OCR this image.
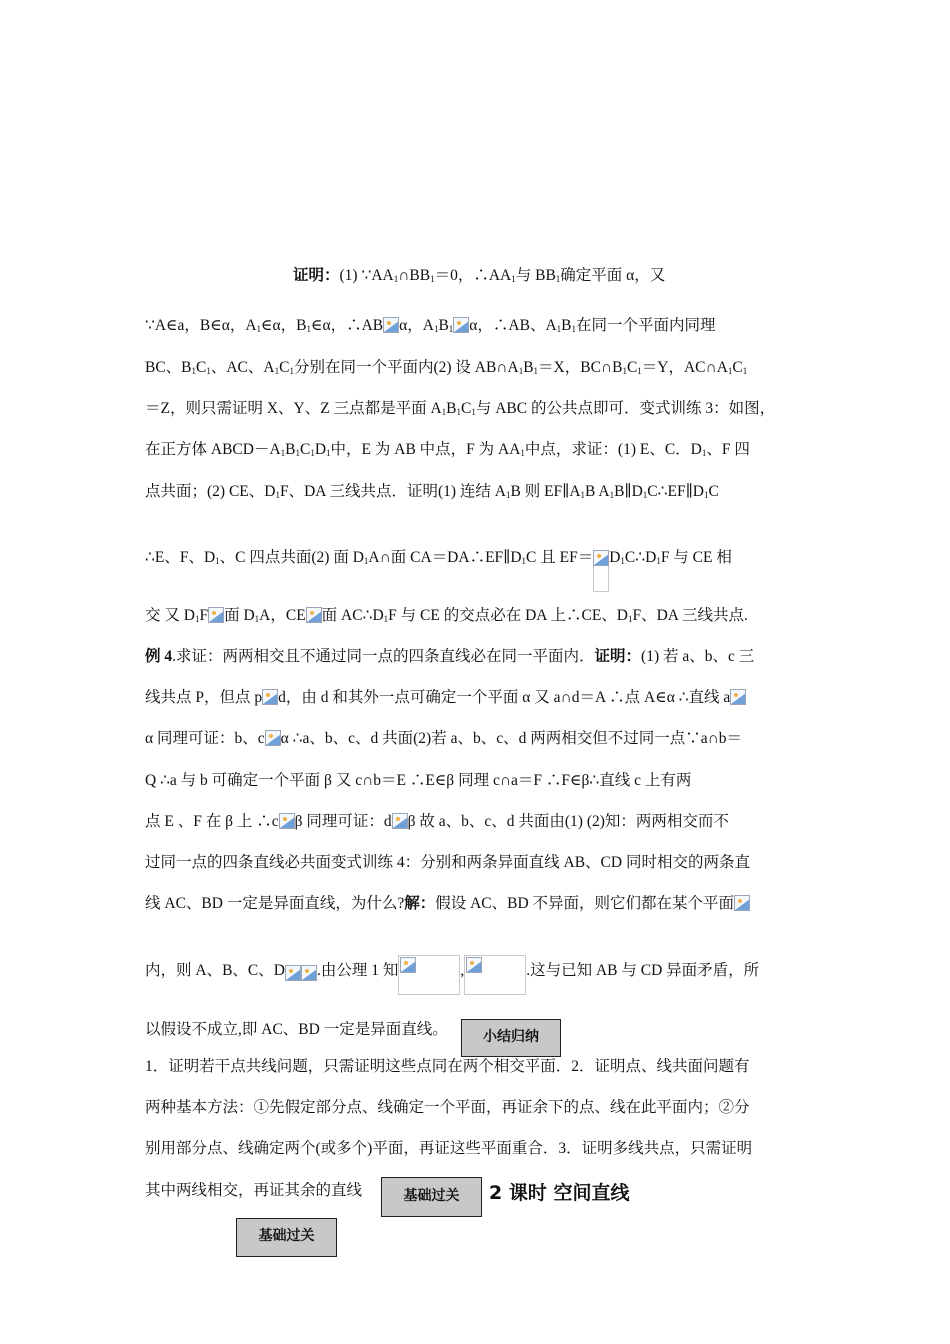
证明：(1) $\because AA_1\cap BB_1=0$，$\therefore AA_1$与 $BB_1$确定平面 α，又
∵A∈a，B∈α，$A_1\in\alpha$，$B_1\in\alpha$，∴AB α，$A_1B_1$ α，∴AB、$A_1B_1$在同一个平面内同理
BC、$B_1C_1$、AC、$A_1C_1$分别在同一个平面内(2) 设 $AB\cap A_1B_1=X$，$BC\cap B_1C_1=Y$，$AC\cap A_1C_1$
＝Z，则只需证明 X、Y、Z 三点都是平面 $A_1B_1C_1$与 ABC 的公共点即可．变式训练 3：如图，
在正方体 $ABCD-A_1B_1C_1D_1$中，E 为 AB 中点，F 为 $AA_1$中点，求证：(1) E、C．$D_1$、F 四
点共面；(2) CE、$D_1F$、DA 三线共点．证明(1) 连结 $A_1B$ 则 $EF\parallel A_1B$ $A_1B\parallel D_1C\therefore EF\parallel D_1C$
∴E、F、$D_1$、C 四点共面(2) 面 $D_1A\cap$面 $CA=DA\therefore EF\parallel D_1C$ 且 $EF= D_1C\therefore D_1F$ 与 CE 相
交 又 $D_1F$ 面 $D_1A$，CE 面 $AC\therefore D_1F$ 与 CE 的交点必在 DA 上∴CE、$D_1F$、DA 三线共点.
例 4.求证：两两相交且不通过同一点的四条直线必在同一平面内．证明：(1) 若 a、b、c 三
线共点 P，但点 p d，由 d 和其外一点可确定一个平面 α 又 a∩d＝A ∴点 A∈α ∴直线 a
α 同理可证：b、c α ∴a、b、c、d 共面(2)若 a、b、c、d 两两相交但不过同一点∵a∩b＝
Q ∴a 与 b 可确定一个平面 β 又 c∩b＝E ∴E∈β 同理 c∩a＝F ∴F∈β∴直线 c 上有两
点 E 、F 在 β 上 ∴c β 同理可证：d β 故 a、b、c、d 共面由(1) (2)知：两两相交而不
过同一点的四条直线必共面变式训练 4：分别和两条异面直线 AB、CD 同时相交的两条直
线 AC、BD 一定是异面直线，为什么?解：假设 AC、BD 不异面，则它们都在某个平面
内，则 A、B、C、D .由公理 1 知	,	.这与已知 AB 与 CD 异面矛盾，所
以假设不成立,即 AC、BD 一定是异面直线。	小结归纳
1．证明若干点共线问题，只需证明这些点同在两个相交平面．2．证明点、线共面问题有
两种基本方法：①先假定部分点、线确定一个平面，再证余下的点、线在此平面内；②分
别用部分点、线确定两个(或多个)平面，再证这些平面重合．3．证明多线共点，只需证明
其中两线相交，再证其余的直线	基础过关	2 课时 空间直线
基础过关
